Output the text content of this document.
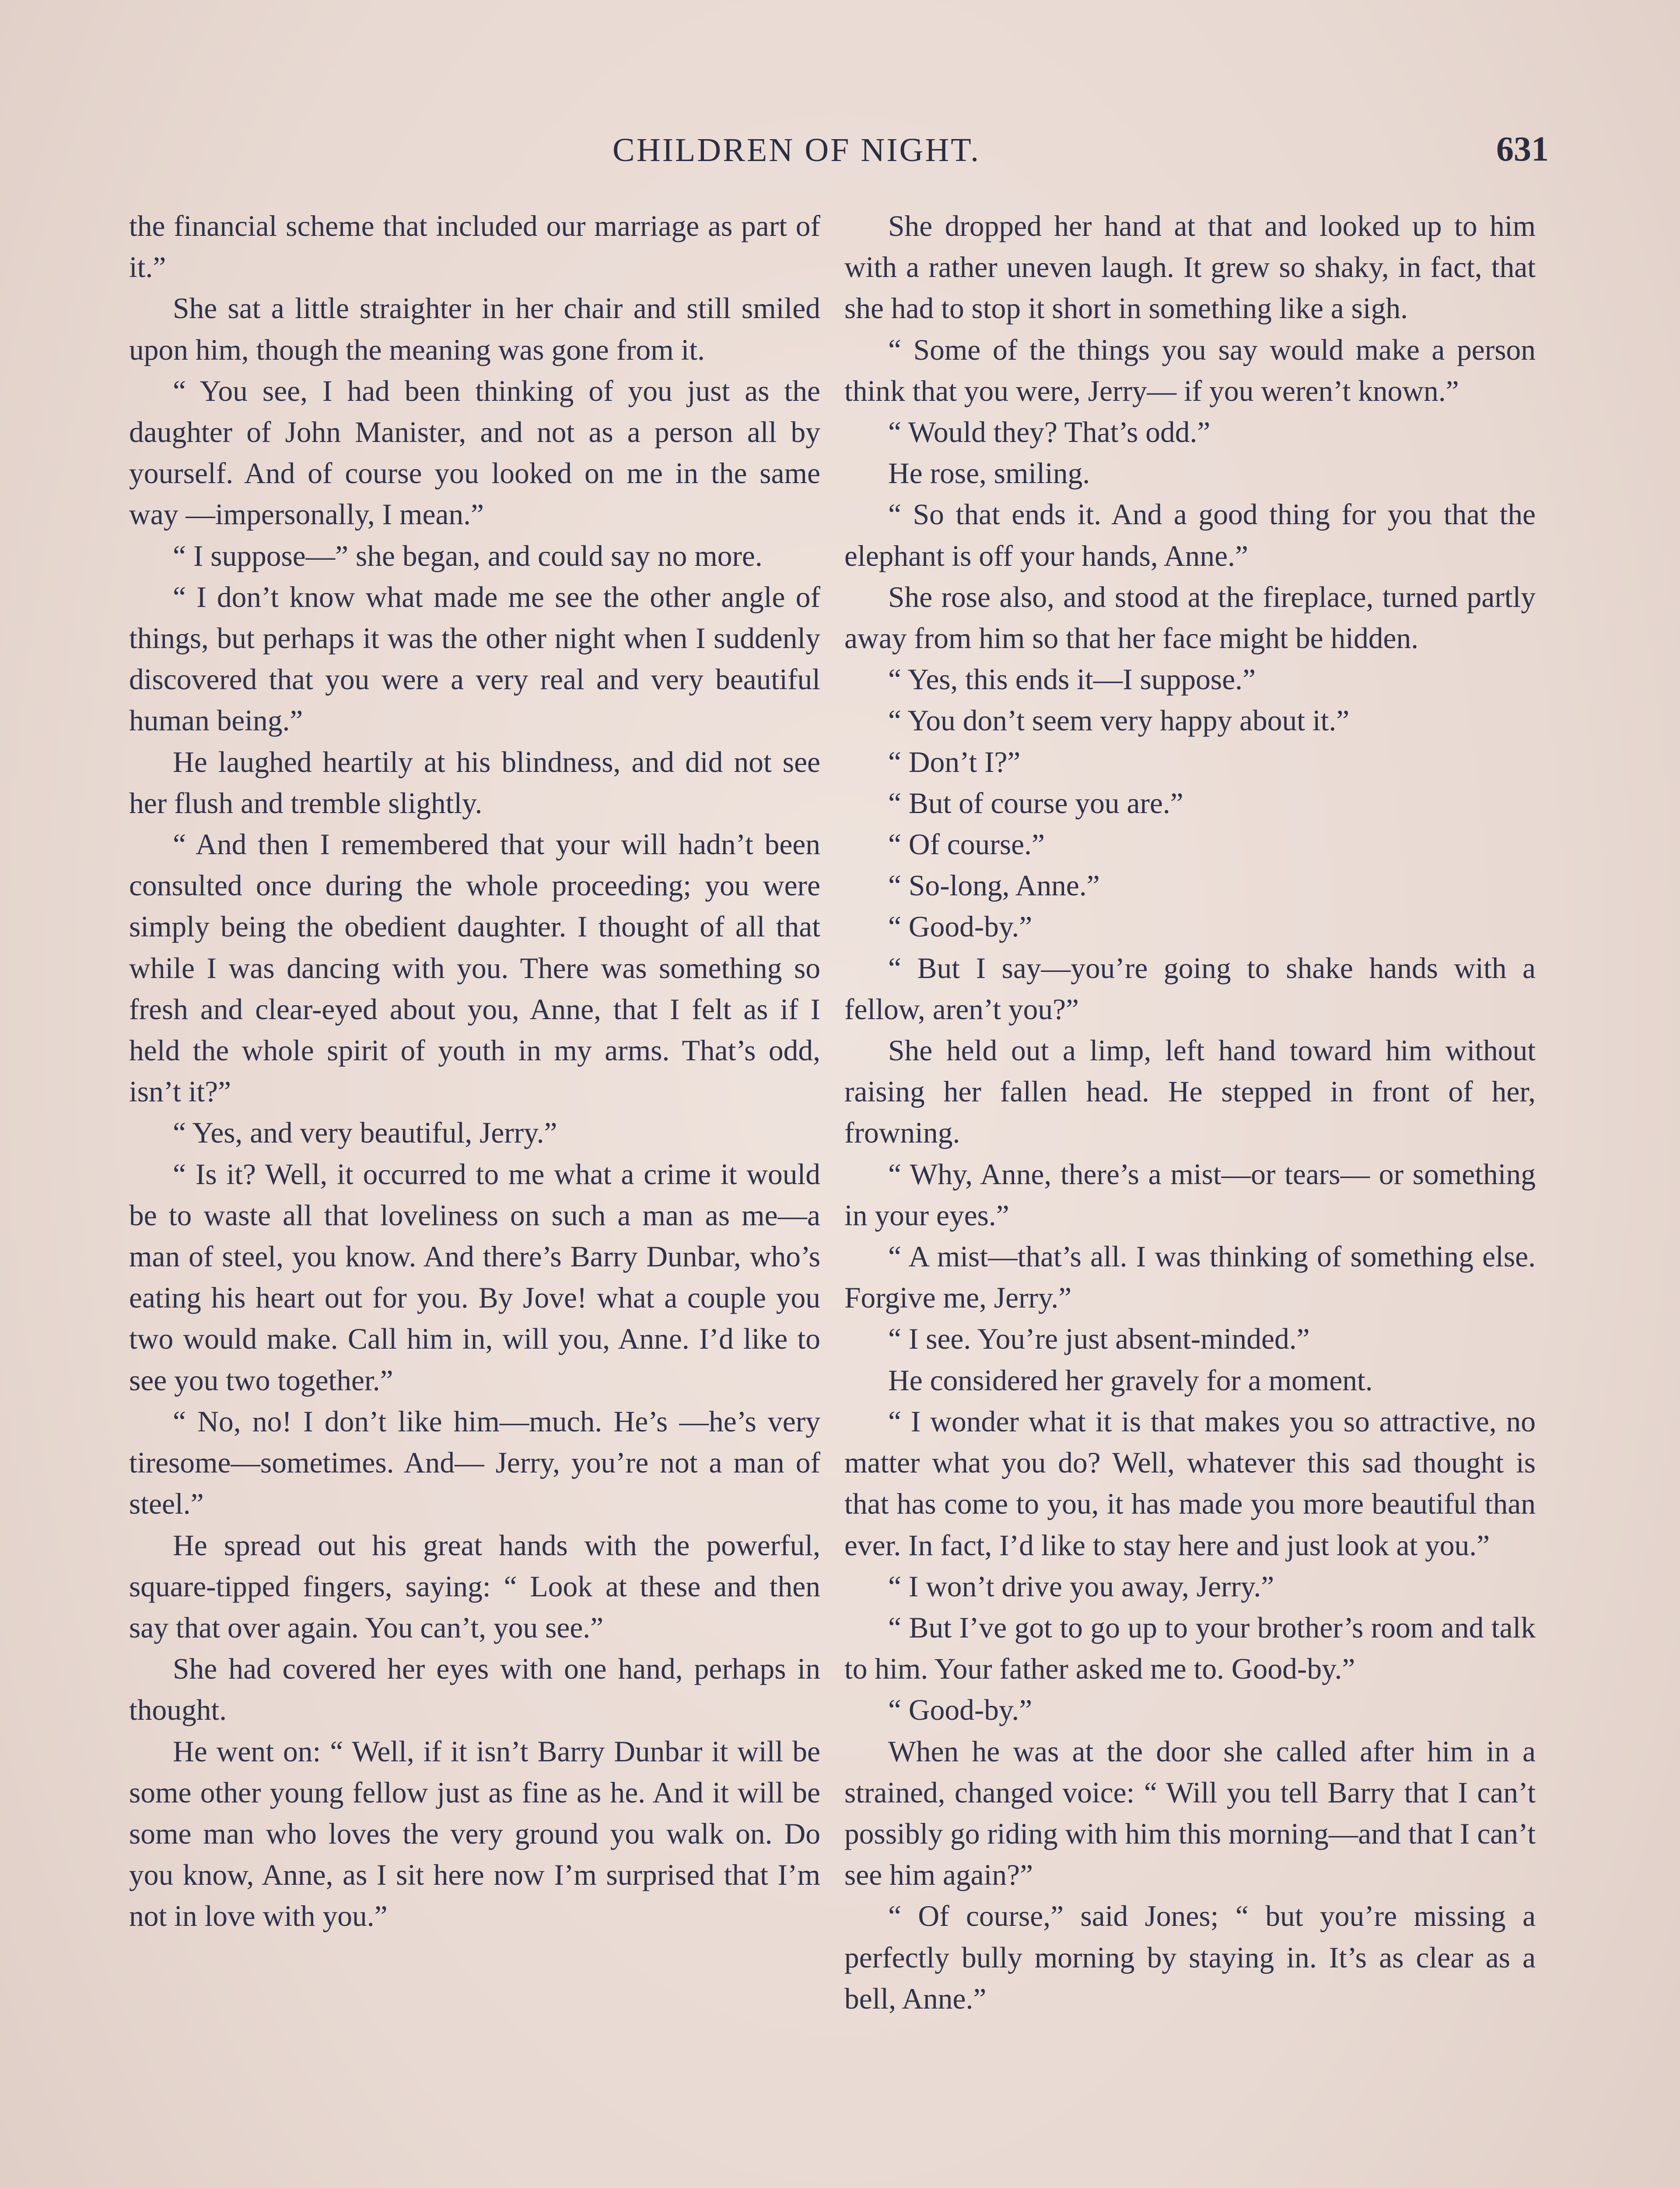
CHILDREN OF NIGHT.	631

the financial scheme that included our marriage as part of it.”

She sat a little straighter in her chair and still smiled upon him, though the meaning was gone from it.

“ You see, I had been thinking of you just as the daughter of John Manister, and not as a person all by yourself. And of course you looked on me in the same way —impersonally, I mean.”

“ I suppose—” she began, and could say no more.

“ I don’t know what made me see the other angle of things, but perhaps it was the other night when I suddenly discovered that you were a very real and very beautiful human being.”

He laughed heartily at his blindness, and did not see her flush and tremble slightly.

“ And then I remembered that your will hadn’t been consulted once during the whole proceeding; you were simply being the obedient daughter. I thought of all that while I was dancing with you. There was something so fresh and clear-eyed about you, Anne, that I felt as if I held the whole spirit of youth in my arms. That’s odd, isn’t it?”

“ Yes, and very beautiful, Jerry.”

“ Is it? Well, it occurred to me what a crime it would be to waste all that loveliness on such a man as me—a man of steel, you know. And there’s Barry Dunbar, who’s eating his heart out for you. By Jove! what a couple you two would make. Call him in, will you, Anne. I’d like to see you two together.”

“ No, no! I don’t like him—much. He’s —he’s very tiresome—sometimes. And— Jerry, you’re not a man of steel.”

He spread out his great hands with the powerful, square-tipped fingers, saying: “ Look at these and then say that over again. You can’t, you see.”

She had covered her eyes with one hand, perhaps in thought.

He went on: “ Well, if it isn’t Barry Dunbar it will be some other young fellow just as fine as he. And it will be some man who loves the very ground you walk on. Do you know, Anne, as I sit here now I’m surprised that I’m not in love with you.”

She dropped her hand at that and looked up to him with a rather uneven laugh. It grew so shaky, in fact, that she had to stop it short in something like a sigh.

“ Some of the things you say would make a person think that you were, Jerry— if you weren’t known.”

“ Would they? That’s odd.”

He rose, smiling.

“ So that ends it. And a good thing for you that the elephant is off your hands, Anne.”

She rose also, and stood at the fireplace, turned partly away from him so that her face might be hidden.

“ Yes, this ends it—I suppose.”

“ You don’t seem very happy about it.”

“ Don’t I?”

“ But of course you are.”

“ Of course.”

“ So-long, Anne.”

“ Good-by.”

“ But I say—you’re going to shake hands with a fellow, aren’t you?”

She held out a limp, left hand toward him without raising her fallen head. He stepped in front of her, frowning.

“ Why, Anne, there’s a mist—or tears— or something in your eyes.”

“ A mist—that’s all. I was thinking of something else. Forgive me, Jerry.”

“ I see. You’re just absent-minded.”

He considered her gravely for a moment.

“ I wonder what it is that makes you so attractive, no matter what you do? Well, whatever this sad thought is that has come to you, it has made you more beautiful than ever. In fact, I’d like to stay here and just look at you.”

“ I won’t drive you away, Jerry.”

“ But I’ve got to go up to your brother’s room and talk to him. Your father asked me to. Good-by.”

“ Good-by.”

When he was at the door she called after him in a strained, changed voice: “ Will you tell Barry that I can’t possibly go riding with him this morning—and that I can’t see him again?”

“ Of course,” said Jones; “ but you’re missing a perfectly bully morning by staying in. It’s as clear as a bell, Anne.”
